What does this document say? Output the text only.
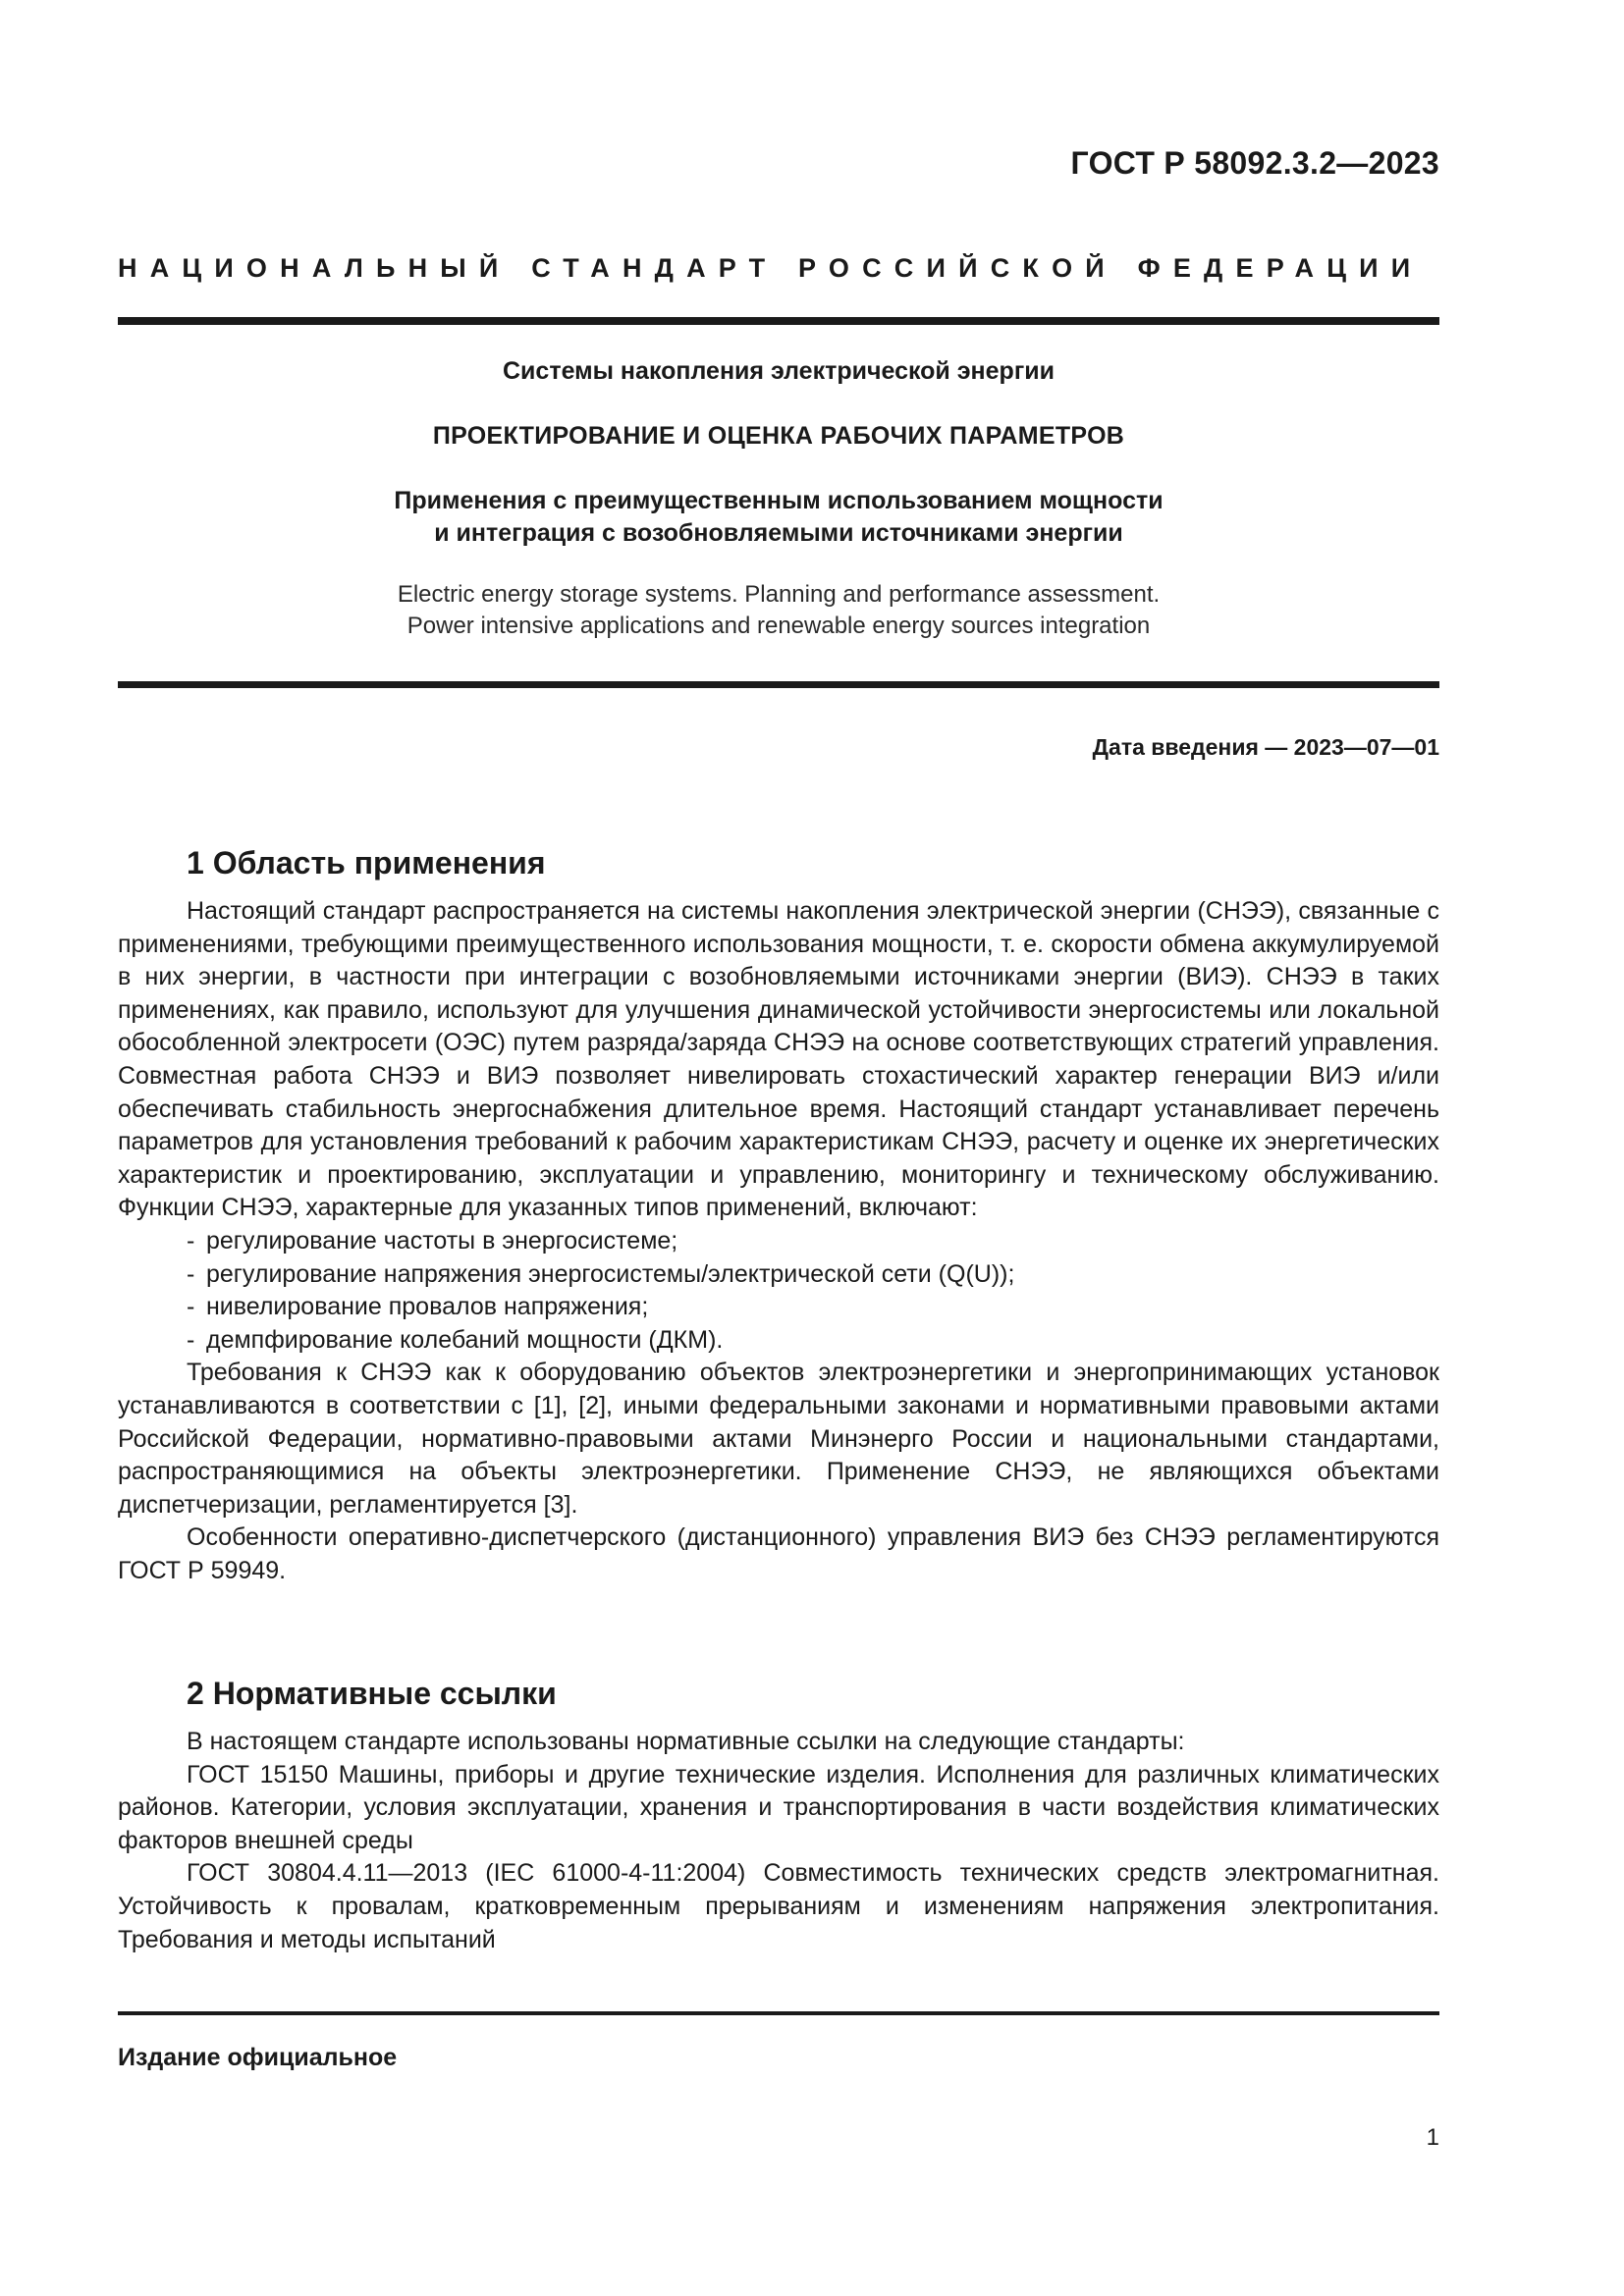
ГОСТ Р 58092.3.2—2023
НАЦИОНАЛЬНЫЙ СТАНДАРТ РОССИЙСКОЙ ФЕДЕРАЦИИ
Системы накопления электрической энергии
ПРОЕКТИРОВАНИЕ И ОЦЕНКА РАБОЧИХ ПАРАМЕТРОВ
Применения с преимущественным использованием мощности
и интеграция с возобновляемыми источниками энергии
Electric energy storage systems. Planning and performance assessment.
Power intensive applications and renewable energy sources integration
Дата введения — 2023—07—01
1 Область применения

Настоящий стандарт распространяется на системы накопления электрической энергии (СНЭЭ), связанные с применениями, требующими преимущественного использования мощности, т. е. скорости обмена аккумулируемой в них энергии, в частности при интеграции с возобновляемыми источниками энергии (ВИЭ). СНЭЭ в таких применениях, как правило, используют для улучшения динамической устойчивости энергосистемы или локальной обособленной электросети (ОЭС) путем разряда/заряда СНЭЭ на основе соответствующих стратегий управления. Совместная работа СНЭЭ и ВИЭ позволяет нивелировать стохастический характер генерации ВИЭ и/или обеспечивать стабильность энергоснабжения длительное время. Настоящий стандарт устанавливает перечень параметров для установления требований к рабочим характеристикам СНЭЭ, расчету и оценке их энергетических характеристик и проектированию, эксплуатации и управлению, мониторингу и техническому обслуживанию. Функции СНЭЭ, характерные для указанных типов применений, включают:

- регулирование частоты в энергосистеме;
- регулирование напряжения энергосистемы/электрической сети (Q(U));
- нивелирование провалов напряжения;
- демпфирование колебаний мощности (ДКМ).

Требования к СНЭЭ как к оборудованию объектов электроэнергетики и энергопринимающих установок устанавливаются в соответствии с [1], [2], иными федеральными законами и нормативными правовыми актами Российской Федерации, нормативно-правовыми актами Минэнерго России и национальными стандартами, распространяющимися на объекты электроэнергетики. Применение СНЭЭ, не являющихся объектами диспетчеризации, регламентируется [3].

Особенности оперативно-диспетчерского (дистанционного) управления ВИЭ без СНЭЭ регламентируются ГОСТ Р 59949.

2 Нормативные ссылки

В настоящем стандарте использованы нормативные ссылки на следующие стандарты:

ГОСТ 15150 Машины, приборы и другие технические изделия. Исполнения для различных климатических районов. Категории, условия эксплуатации, хранения и транспортирования в части воздействия климатических факторов внешней среды

ГОСТ 30804.4.11—2013 (IEC 61000-4-11:2004) Совместимость технических средств электромагнитная. Устойчивость к провалам, кратковременным прерываниям и изменениям напряжения электропитания. Требования и методы испытаний

Издание официальное
1
